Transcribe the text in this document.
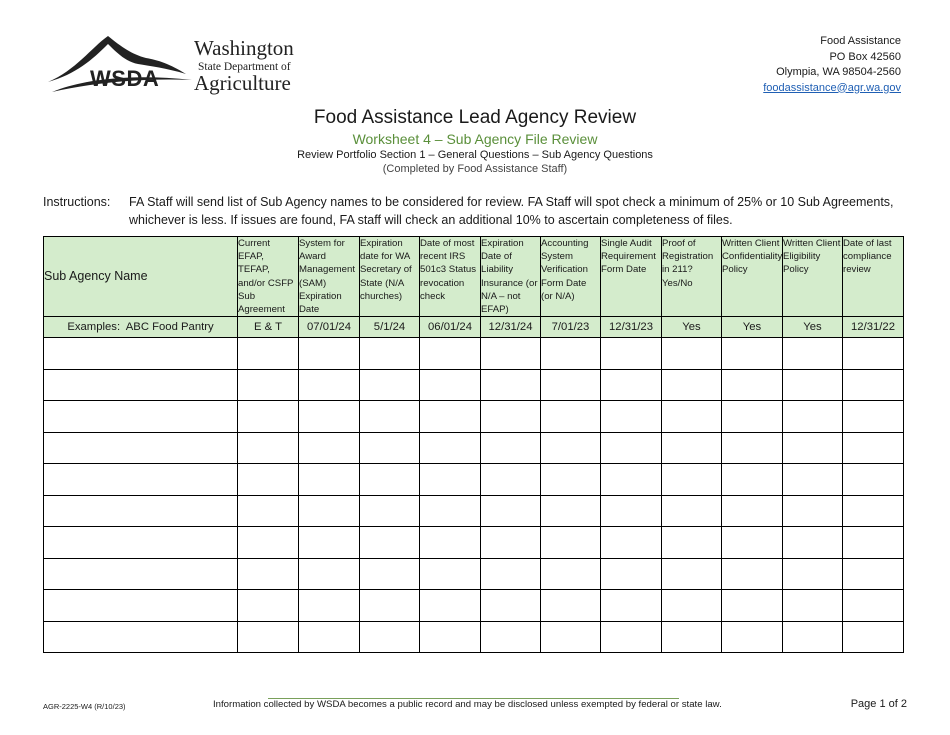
WSDA
Washington
State Department of
Agriculture
Food Assistance
PO Box 42560
Olympia, WA 98504-2560
foodassistance@agr.wa.gov
Food Assistance Lead Agency Review
Worksheet 4 – Sub Agency File Review
Review Portfolio Section 1 – General Questions – Sub Agency Questions
(Completed by Food Assistance Staff)
Instructions: FA Staff will send list of Sub Agency names to be considered for review. FA Staff will spot check a minimum of 25% or 10 Sub Agreements, whichever is less. If issues are found, FA staff will check an additional 10% to ascertain completeness of files.
Sub Agency Name	Current EFAP, TEFAP, and/or CSFP Sub Agreement	System for Award Management (SAM) Expiration Date	Expiration date for WA Secretary of State (N/A churches)	Date of most recent IRS 501c3 Status revocation check	Expiration Date of Liability Insurance (or N/A – not EFAP)	Accounting System Verification Form Date (or N/A)	Single Audit Requirement Form Date	Proof of Registration in 211? Yes/No	Written Client Confidentiality Policy	Written Client Eligibility Policy	Date of last compliance review
Examples: ABC Food Pantry	E & T	07/01/24	5/1/24	06/01/24	12/31/24	7/01/23	12/31/23	Yes	Yes	Yes	12/31/22

AGR-2225-W4 (R/10/23)	Information collected by WSDA becomes a public record and may be disclosed unless exempted by federal or state law.	Page 1 of 2
